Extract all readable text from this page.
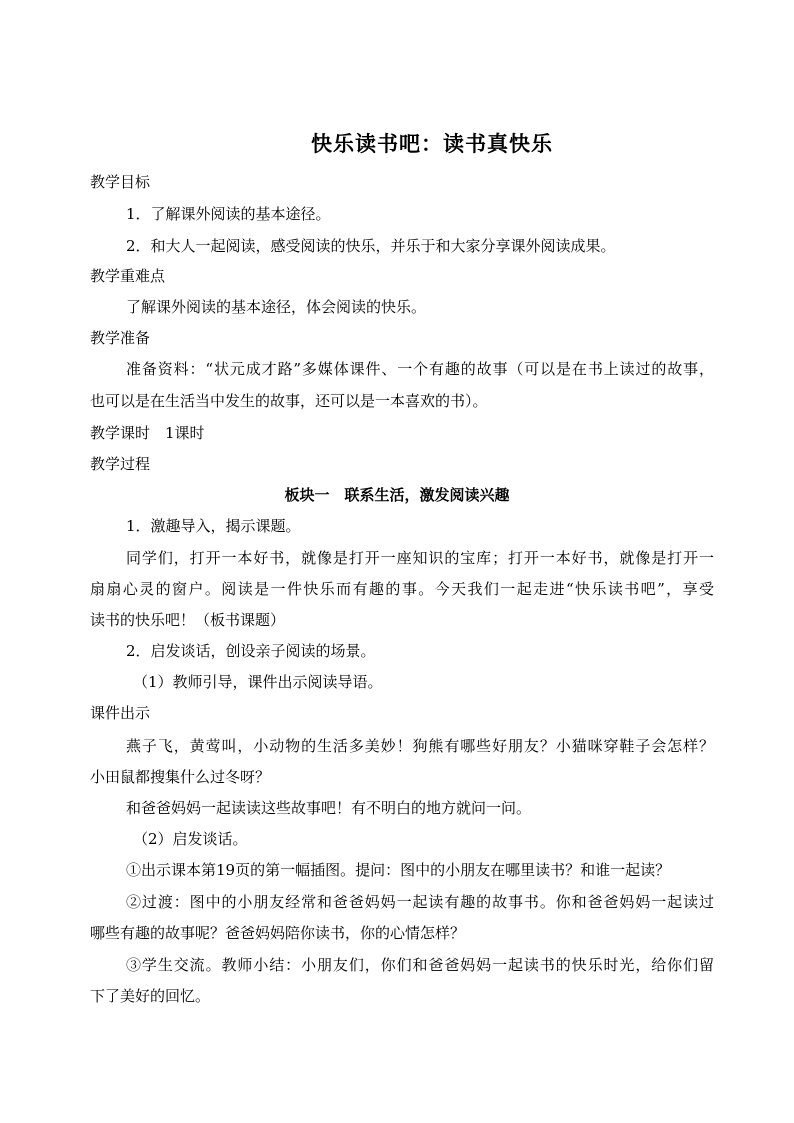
快乐读书吧：读书真快乐
教学目标
1．了解课外阅读的基本途径。
2．和大人一起阅读，感受阅读的快乐，并乐于和大家分享课外阅读成果。
教学重难点
了解课外阅读的基本途径，体会阅读的快乐。
教学准备
准备资料：“状元成才路”多媒体课件、一个有趣的故事（可以是在书上读过的故事，
也可以是在生活当中发生的故事，还可以是一本喜欢的书）。
教学课时　1课时
教学过程
板块一　联系生活，激发阅读兴趣
1．激趣导入，揭示课题。
同学们，打开一本好书，就像是打开一座知识的宝库；打开一本好书，就像是打开一
扇扇心灵的窗户。阅读是一件快乐而有趣的事。今天我们一起走进“快乐读书吧”，享受
读书的快乐吧！（板书课题）
2．启发谈话，创设亲子阅读的场景。
（1）教师引导，课件出示阅读导语。
课件出示
燕子飞，黄莺叫，小动物的生活多美妙！狗熊有哪些好朋友？小猫咪穿鞋子会怎样？
小田鼠都搜集什么过冬呀？
和爸爸妈妈一起读读这些故事吧！有不明白的地方就问一问。
（2）启发谈话。
①出示课本第19页的第一幅插图。提问：图中的小朋友在哪里读书？和谁一起读？
②过渡：图中的小朋友经常和爸爸妈妈一起读有趣的故事书。你和爸爸妈妈一起读过
哪些有趣的故事呢？爸爸妈妈陪你读书，你的心情怎样？
③学生交流。教师小结：小朋友们，你们和爸爸妈妈一起读书的快乐时光，给你们留
下了美好的回忆。
